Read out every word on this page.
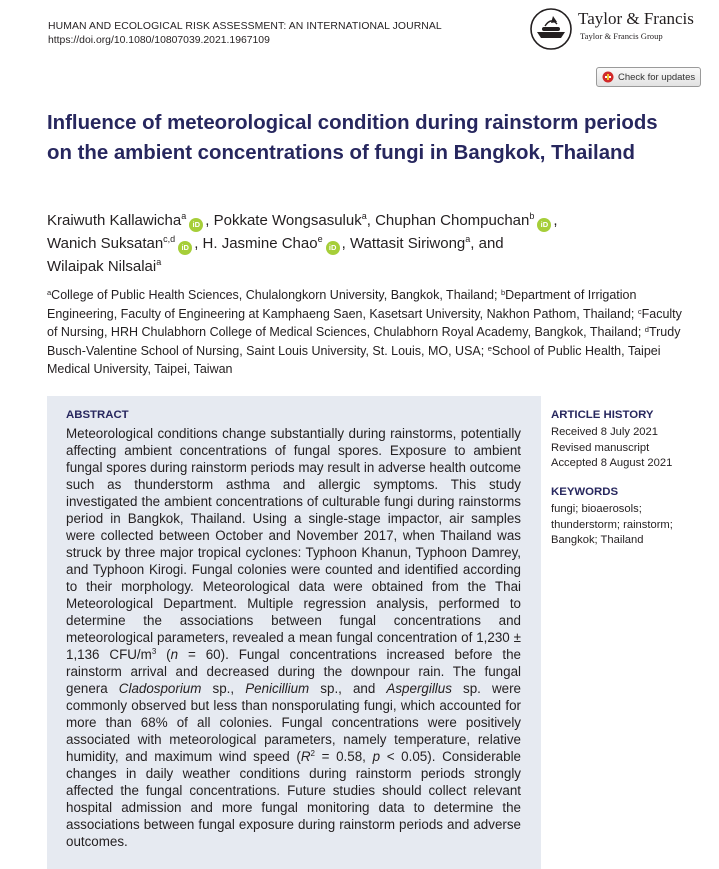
HUMAN AND ECOLOGICAL RISK ASSESSMENT: AN INTERNATIONAL JOURNAL
https://doi.org/10.1080/10807039.2021.1967109
Taylor & Francis
Taylor & Francis Group
Check for updates
Influence of meteorological condition during rainstorm periods on the ambient concentrations of fungi in Bangkok, Thailand
Kraiwuth Kallawicha$^a$iD , Pokkate Wongsasuluk$^a$, Chuphan Chompuchan$^b$iD ,
Wanich Suksatan$^{c,d}$iD , H. Jasmine Chao$^e$iD , Wattasit Siriwong$^a$, and
Wilaipak Nilsalai$^a$
$^a$College of Public Health Sciences, Chulalongkorn University, Bangkok, Thailand; $^b$Department of Irrigation Engineering, Faculty of Engineering at Kamphaeng Saen, Kasetsart University, Nakhon Pathom, Thailand; $^c$Faculty of Nursing, HRH Chulabhorn College of Medical Sciences, Chulabhorn Royal Academy, Bangkok, Thailand; $^d$Trudy Busch-Valentine School of Nursing, Saint Louis University, St. Louis, MO, USA; $^e$School of Public Health, Taipei Medical University, Taipei, Taiwan
ABSTRACT
Meteorological conditions change substantially during rainstorms, potentially affecting ambient concentrations of fungal spores. Exposure to ambient fungal spores during rainstorm periods may result in adverse health outcome such as thunderstorm asthma and allergic symptoms. This study investigated the ambient concentrations of culturable fungi during rainstorms period in Bangkok, Thailand. Using a single-stage impactor, air samples were collected between October and November 2017, when Thailand was struck by three major tropical cyclones: Typhoon Khanun, Typhoon Damrey, and Typhoon Kirogi. Fungal colonies were counted and identified according to their morphology. Meteorological data were obtained from the Thai Meteorological Department. Multiple regression analysis, performed to determine the associations between fungal concentrations and meteorological parameters, revealed a mean fungal concentration of 1,230 ± 1,136 CFU/$m^3$ (n = 60). Fungal concentrations increased before the rainstorm arrival and decreased during the downpour rain. The fungal genera Cladosporium sp., Penicillium sp., and Aspergillus sp. were commonly observed but less than nonsporulating fungi, which accounted for more than 68% of all colonies. Fungal concentrations were positively associated with meteorological parameters, namely temperature, relative humidity, and maximum wind speed ($R^2 = 0.58$, p < 0.05). Considerable changes in daily weather conditions during rainstorm periods strongly affected the fungal concentrations. Future studies should collect relevant hospital admission and more fungal monitoring data to determine the associations between fungal exposure during rainstorm periods and adverse outcomes.
ARTICLE HISTORY
Received 8 July 2021
Revised manuscript
Accepted 8 August 2021
KEYWORDS
fungi; bioaerosols; thunderstorm; rainstorm; Bangkok; Thailand
